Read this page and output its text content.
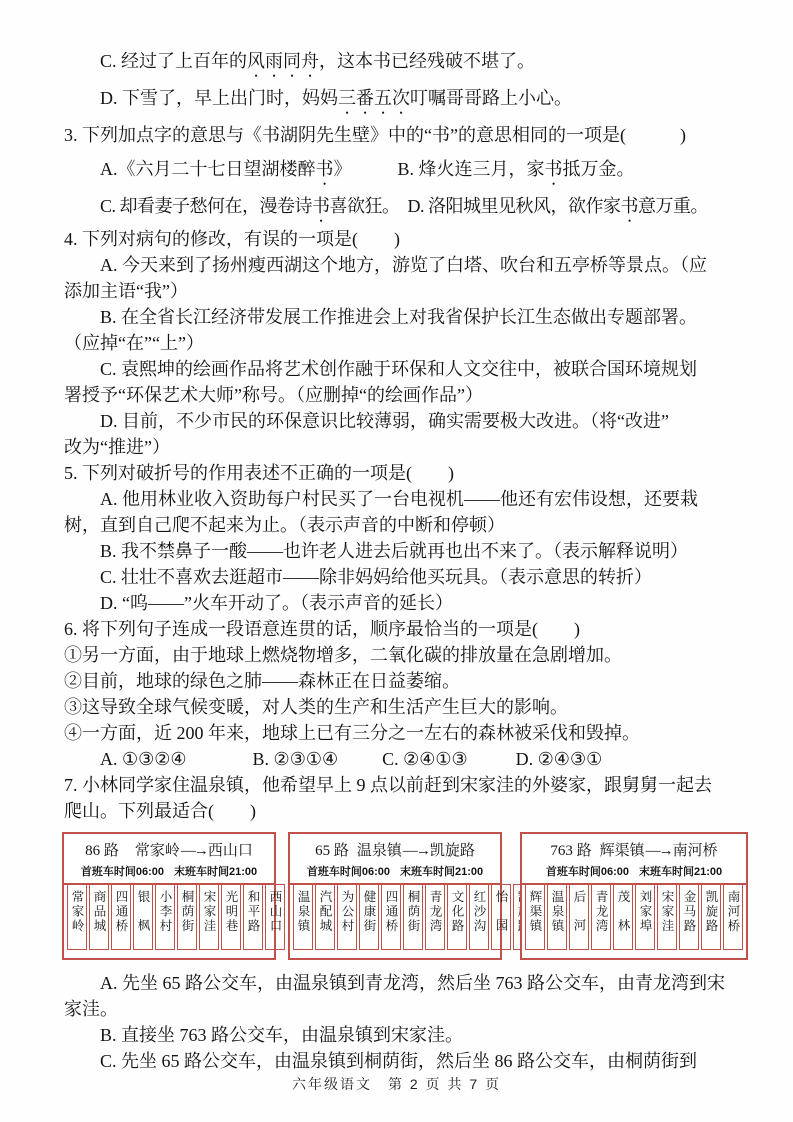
C. 经过了上百年的风雨同舟，这本书已经残破不堪了。
D. 下雪了，早上出门时，妈妈三番五次叮嘱哥哥路上小心。
3. 下列加点字的意思与《书湖阴先生壁》中的“书”的意思相同的一项是(　　　)
A.《六月二十七日望湖楼醉书》	B. 烽火连三月，家书抵万金。
C. 却看妻子愁何在，漫卷诗书喜欲狂。 D. 洛阳城里见秋风，欲作家书意万重。
4. 下列对病句的修改，有误的一项是(　　)
A. 今天来到了扬州瘦西湖这个地方，游览了白塔、吹台和五亭桥等景点。（应
添加主语“我”）
B. 在全省长江经济带发展工作推进会上对我省保护长江生态做出专题部署。
（应掉“在”“上”）
C. 袁熙坤的绘画作品将艺术创作融于环保和人文交往中，被联合国环境规划
署授予“环保艺术大师”称号。（应删掉“的绘画作品”）
D. 目前，不少市民的环保意识比较薄弱，确实需要极大改进。（将“改进”
改为“推进”）
5. 下列对破折号的作用表述不正确的一项是(　　)
A. 他用林业收入资助每户村民买了一台电视机——他还有宏伟设想，还要栽
树，直到自己爬不起来为止。（表示声音的中断和停顿）
B. 我不禁鼻子一酸——也许老人进去后就再也出不来了。（表示解释说明）
C. 壮壮不喜欢去逛超市——除非妈妈给他买玩具。（表示意思的转折）
D. “呜——”火车开动了。（表示声音的延长）
6. 将下列句子连成一段语意连贯的话，顺序最恰当的一项是(　　)
①另一方面，由于地球上燃烧物增多，二氧化碳的排放量在急剧增加。
②目前，地球的绿色之肺——森林正在日益萎缩。
③这导致全球气候变暖，对人类的生产和生活产生巨大的影响。
④一方面，近 200 年来，地球上已有三分之一左右的森林被采伐和毁掉。
A. ①③②④	B. ②③①④ C. ②④①③	D. ②④③①
7. 小林同学家住温泉镇，他希望早上 9 点以前赶到宋家洼的外婆家，跟舅舅一起去
爬山。下列最适合(　　)
86 路 常家岭—→西山口
首班车时间06:00 末班车时间21:00
常家岭 商品城 四通桥 银枫 小李村 桐荫街 宋家洼 光明巷 和平路 西山口
65 路 温泉镇—→凯旋路
首班车时间06:00 末班车时间21:00
温泉镇 汽配城 为公村 健康街 四通桥 桐荫街 青龙湾 文化路 红沙沟 怡园
763 路 辉渠镇—→南河桥
首班车时间06:00 末班车时间21:00
辉渠镇 温泉镇 后河 青龙湾 茂林 刘家埠 宋家洼 金马路 凯旋路 南河桥
A. 先坐 65 路公交车，由温泉镇到青龙湾，然后坐 763 路公交车，由青龙湾到宋
家洼。
B. 直接坐 763 路公交车，由温泉镇到宋家洼。
C. 先坐 65 路公交车，由温泉镇到桐荫街，然后坐 86 路公交车，由桐荫街到
六年级语文　第 2 页 共 7 页
